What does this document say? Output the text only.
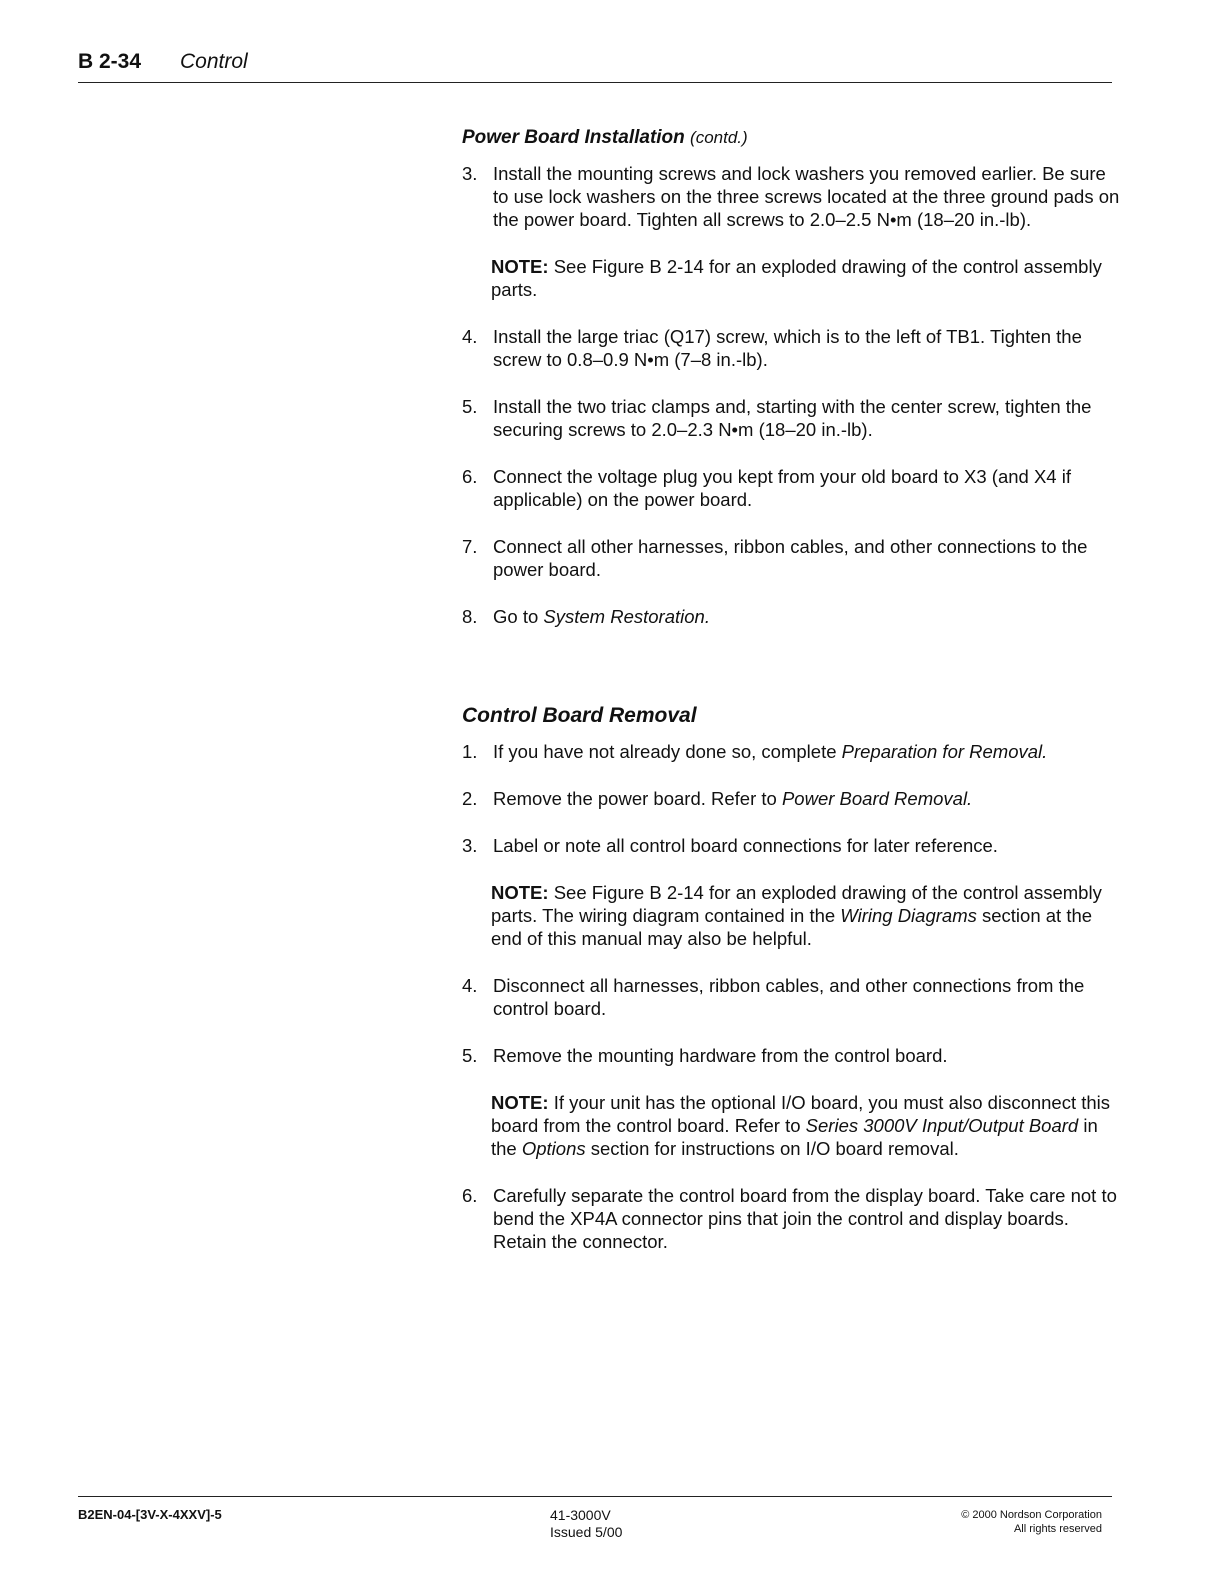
B 2-34 Control
Power Board Installation (contd.)
3. Install the mounting screws and lock washers you removed earlier. Be sure to use lock washers on the three screws located at the three ground pads on the power board. Tighten all screws to 2.0–2.5 N•m (18–20 in.-lb).
NOTE: See Figure B 2-14 for an exploded drawing of the control assembly parts.
4. Install the large triac (Q17) screw, which is to the left of TB1. Tighten the screw to 0.8–0.9 N•m (7–8 in.-lb).
5. Install the two triac clamps and, starting with the center screw, tighten the securing screws to 2.0–2.3 N•m (18–20 in.-lb).
6. Connect the voltage plug you kept from your old board to X3 (and X4 if applicable) on the power board.
7. Connect all other harnesses, ribbon cables, and other connections to the power board.
8. Go to System Restoration.
Control Board Removal
1. If you have not already done so, complete Preparation for Removal.
2. Remove the power board. Refer to Power Board Removal.
3. Label or note all control board connections for later reference.
NOTE: See Figure B 2-14 for an exploded drawing of the control assembly parts. The wiring diagram contained in the Wiring Diagrams section at the end of this manual may also be helpful.
4. Disconnect all harnesses, ribbon cables, and other connections from the control board.
5. Remove the mounting hardware from the control board.
NOTE: If your unit has the optional I/O board, you must also disconnect this board from the control board. Refer to Series 3000V Input/Output Board in the Options section for instructions on I/O board removal.
6. Carefully separate the control board from the display board. Take care not to bend the XP4A connector pins that join the control and display boards. Retain the connector.
B2EN-04-[3V-X-4XXV]-5	41-3000V
Issued 5/00
© 2000 Nordson Corporation
All rights reserved
